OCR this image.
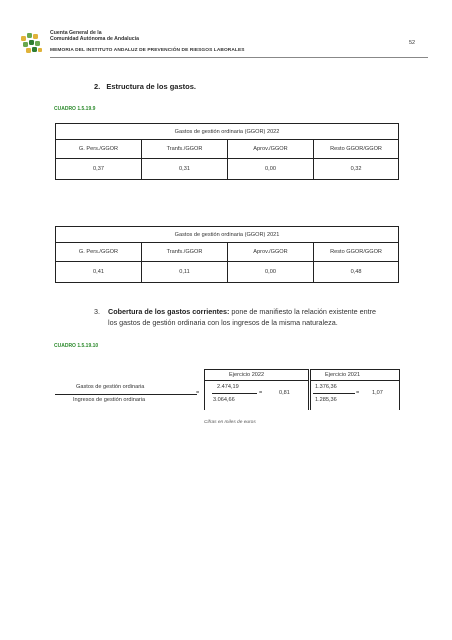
Cuenta General de la
Comunidad Autónoma de Andalucía
MEMORIA DEL INSTITUTO ANDALUZ DE PREVENCIÓN DE RIESGOS LABORALES
52
2. Estructura de los gastos.
CUADRO 1.5.19.9
Gastos de gestión ordinaria (GGOR) 2022			
G. Pers./GGOR	Tranfs./GGOR	Aprov./GGOR	Resto GGOR/GGOR
0,37	0,31	0,00	0,32
Gastos de gestión ordinaria (GGOR) 2021			
G. Pers./GGOR	Tranfs./GGOR	Aprov./GGOR	Resto GGOR/GGOR
0,41	0,11	0,00	0,48
3. Cobertura de los gastos corrientes: pone de manifiesto la relación existente entre
los gastos de gestión ordinaria con los ingresos de la misma naturaleza.
CUADRO 1.5.19.10
Gastos de gestión ordinaria
Ingresos de gestión ordinaria
=
Ejercicio 2022
2.474,19
3.064,66
=	0,81
Ejercicio 2021
1.376,36
1.285,36
= 1,07
Cifras en miles de euros
